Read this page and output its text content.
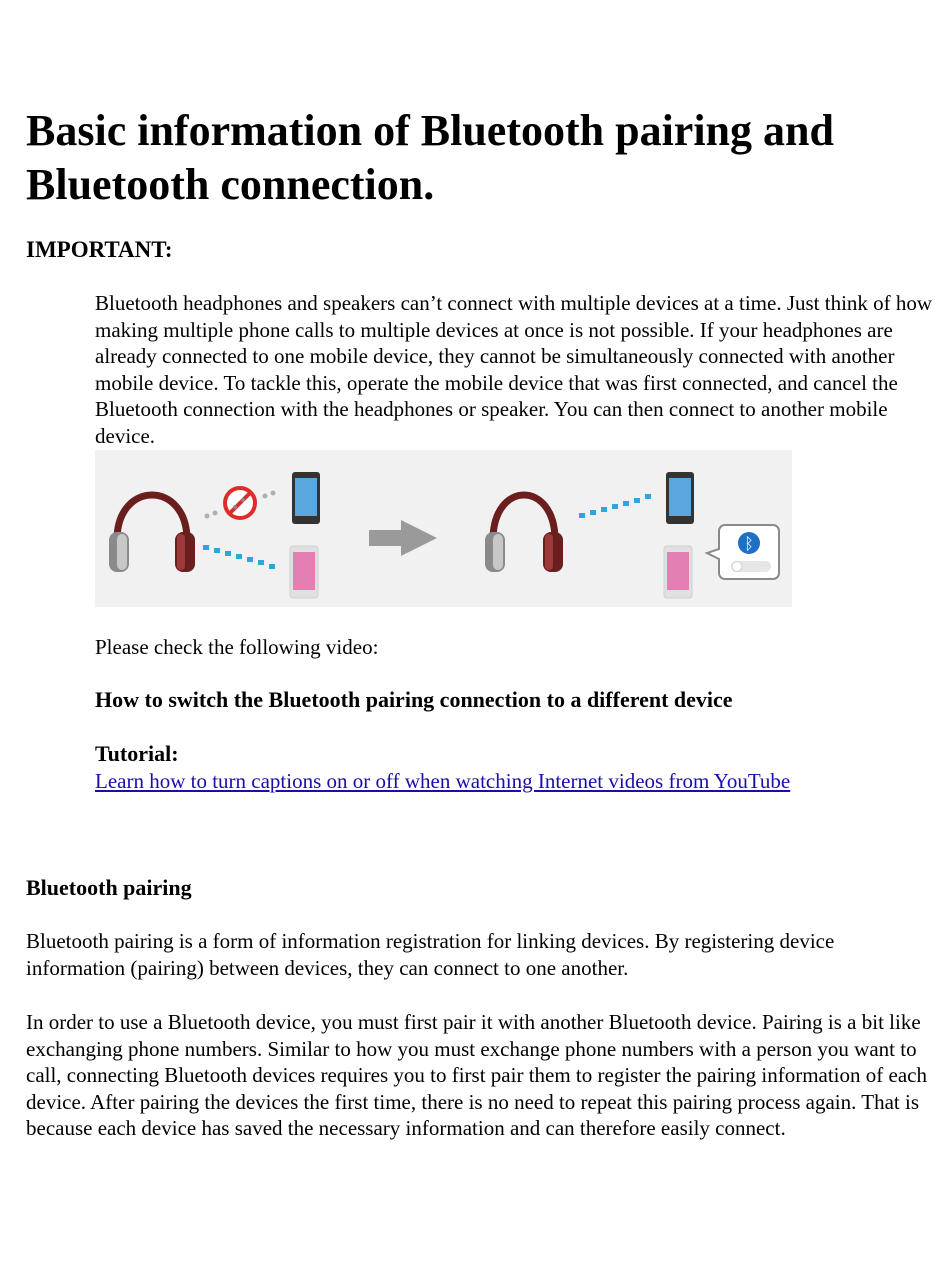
Basic information of Bluetooth pairing and Bluetooth connection.

IMPORTANT:

Bluetooth headphones and speakers can’t connect with multiple devices at a time. Just think of how making multiple phone calls to multiple devices at once is not possible. If your headphones are already connected to one mobile device, they cannot be simultaneously connected with another mobile device. To tackle this, operate the mobile device that was first connected, and cancel the Bluetooth connection with the headphones or speaker. You can then connect to another mobile device.

ᛒ

Please check the following video:

How to switch the Bluetooth pairing connection to a different device

Tutorial:

Learn how to turn captions on or off when watching Internet videos from YouTube

Bluetooth pairing

Bluetooth pairing is a form of information registration for linking devices. By registering device information (pairing) between devices, they can connect to one another.

In order to use a Bluetooth device, you must first pair it with another Bluetooth device. Pairing is a bit like exchanging phone numbers. Similar to how you must exchange phone numbers with a person you want to call, connecting Bluetooth devices requires you to first pair them to register the pairing information of each device. After pairing the devices the first time, there is no need to repeat this pairing process again. That is because each device has saved the necessary information and can therefore easily connect.
